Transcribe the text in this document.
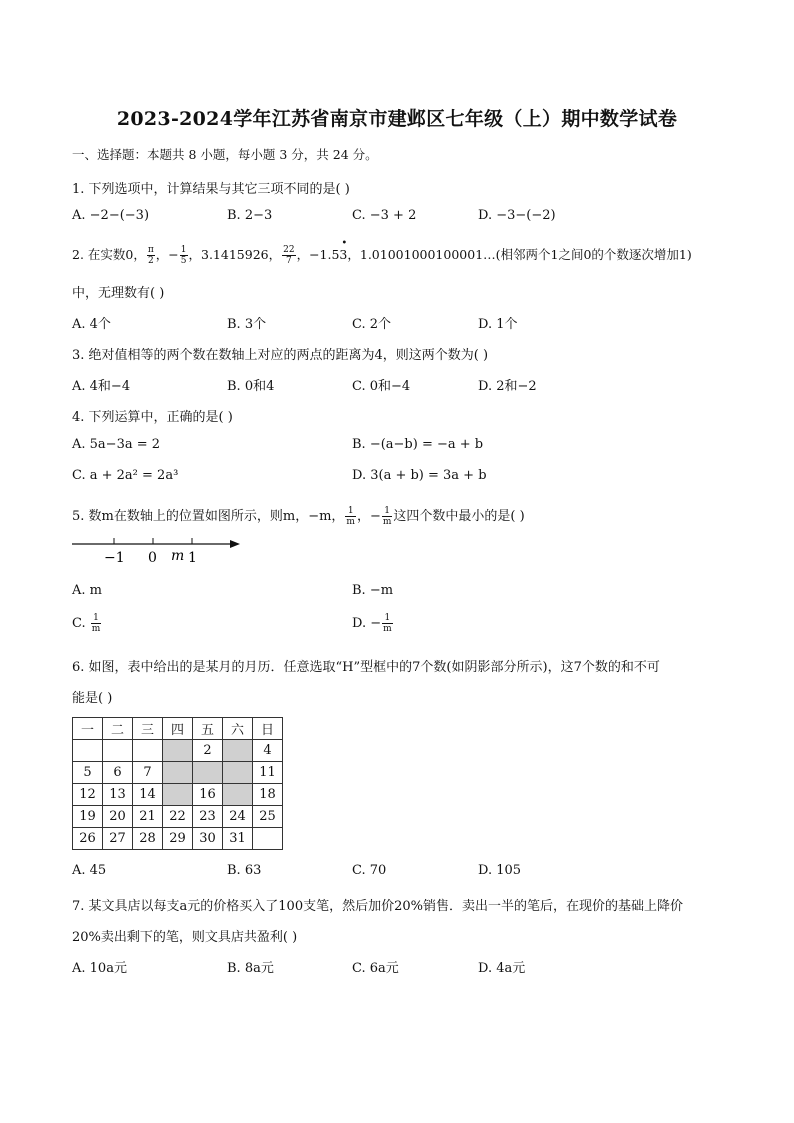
2023-2024学年江苏省南京市建邺区七年级（上）期中数学试卷
一、选择题：本题共 8 小题，每小题 3 分，共 24 分。
1. 下列选项中，计算结果与其它三项不同的是( )
A. −2−(−3)	B. 2−3	C. −3 + 2	D. −3−(−2)
2. 在实数0， $\frac{\pi}{2}$ ，− $\frac{1}{5}$ ，3.1415926， $\frac{22}{7}$ ，−1.5
•
3，1.01001000100001…(相邻两个1之间0的个数逐次增加1)
中，无理数有( )
A. 4个	B. 3个	C. 2个	D. 1个
3. 绝对值相等的两个数在数轴上对应的两点的距离为4，则这两个数为( )
A. 4和−4	B. 0和4	C. 0和−4	D. 2和−2
4. 下列运算中，正确的是( )
A. 5a−3a = 2	B. −(a−b) = −a + b
C. a + 2a² = 2a³	D. 3(a + b) = 3a + b
5. 数m在数轴上的位置如图所示，则m，−m， $\frac{1}{m}$ ，− $\frac{1}{m}$ 这四个数中最小的是( )
−1 0 m 1
A. m	B. −m
C. $\frac{1}{m}$	D. − $\frac{1}{m}$
6. 如图，表中给出的是某月的月历．任意选取“H”型框中的7个数(如阴影部分所示)，这7个数的和不可
能是( )
一	二	三	四	五	六	日
				2		4
5	6	7				11
12	13	14		16		18
19	20	21	22	23	24	25
26	27	28	29	30	31	
A. 45	B. 63	C. 70	D. 105
7. 某文具店以每支a元的价格买入了100支笔，然后加价20%销售．卖出一半的笔后，在现价的基础上降价
20%卖出剩下的笔，则文具店共盈利( )
A. 10a元	B. 8a元	C. 6a元	D. 4a元
